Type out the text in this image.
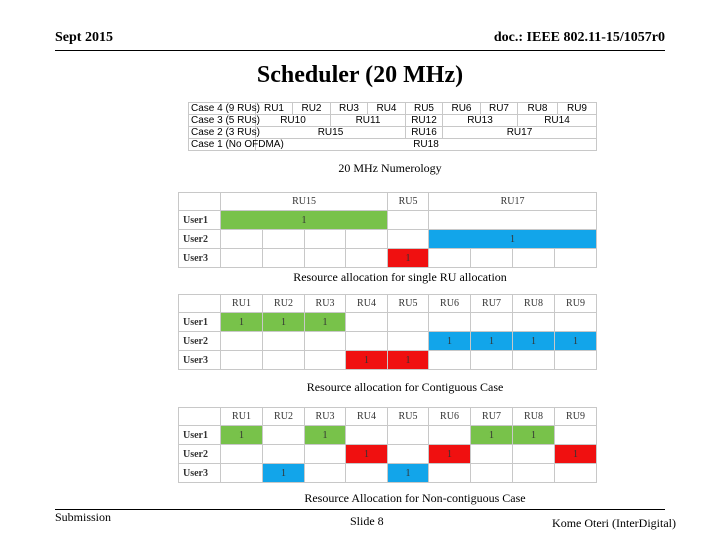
Sept 2015	doc.: IEEE 802.11-15/1057r0
Scheduler (20 MHz)
Case 4 (9 RUs)	RU1	RU2	RU3	RU4	RU5	RU6	RU7	RU8	RU9
Case 3 (5 RUs)	RU10		RU11		RU12	RU13		RU14	
Case 2 (3 RUs)	RU15				RU16	RU17			
Case 1 (No OFDMA)	RU18								
20 MHz Numerology
	RU15				RU5	RU17			
User1	1								
User2						1			
User3					1				
Resource allocation for single RU allocation
	RU1	RU2	RU3	RU4	RU5	RU6	RU7	RU8	RU9
User1	1	1	1						
User2						1	1	1	1
User3				1	1				
Resource allocation for Contiguous Case
	RU1	RU2	RU3	RU4	RU5	RU6	RU7	RU8	RU9
User1	1		1				1	1	
User2				1		1			1
User3		1			1				
Resource Allocation for Non-contiguous Case
Submission	Slide 8	Kome Oteri (InterDigital)
